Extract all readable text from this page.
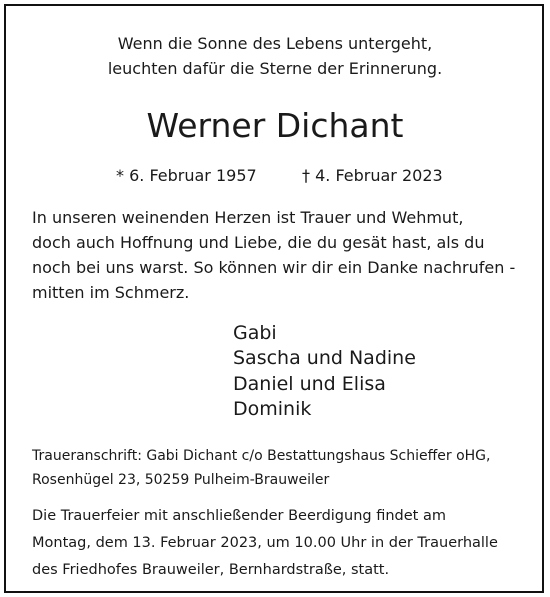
Wenn die Sonne des Lebens untergeht,
leuchten dafür die Sterne der Erinnerung.
Werner Dichant
* 6. Februar 1957	† 4. Februar 2023
In unseren weinenden Herzen ist Trauer und Wehmut,
doch auch Hoffnung und Liebe, die du gesät hast, als du
noch bei uns warst. So können wir dir ein Danke nachrufen -
mitten im Schmerz.
Gabi
Sascha und Nadine
Daniel und Elisa
Dominik
Traueranschrift: Gabi Dichant c/o Bestattungshaus Schieffer oHG,
Rosenhügel 23, 50259 Pulheim-Brauweiler
Die Trauerfeier mit anschließender Beerdigung findet am
Montag, dem 13. Februar 2023, um 10.00 Uhr in der Trauerhalle
des Friedhofes Brauweiler, Bernhardstraße, statt.
